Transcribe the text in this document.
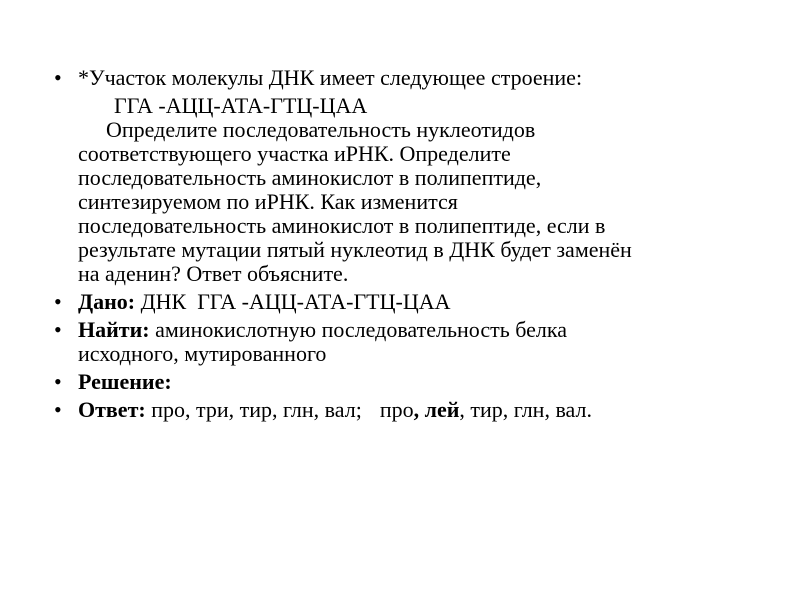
• *Участок молекулы ДНК имеет следующее строение:
ГГА -АЦЦ-АТА-ГТЦ-ЦАА
Определите последовательность нуклеотидов
соответствующего участка иРНК. Определите
последовательность аминокислот в полипептиде,
синтезируемом по иРНК. Как изменится
последовательность аминокислот в полипептиде, если в
результате мутации пятый нуклеотид в ДНК будет заменён
на аденин? Ответ объясните.
• Дано: ДНК  ГГА -АЦЦ-АТА-ГТЦ-ЦАА
• Найти: аминокислотную последовательность белка
исходного, мутированного
• Решение:
• Ответ: про, три, тир, глн, вал; про, лей, тир, глн, вал.
